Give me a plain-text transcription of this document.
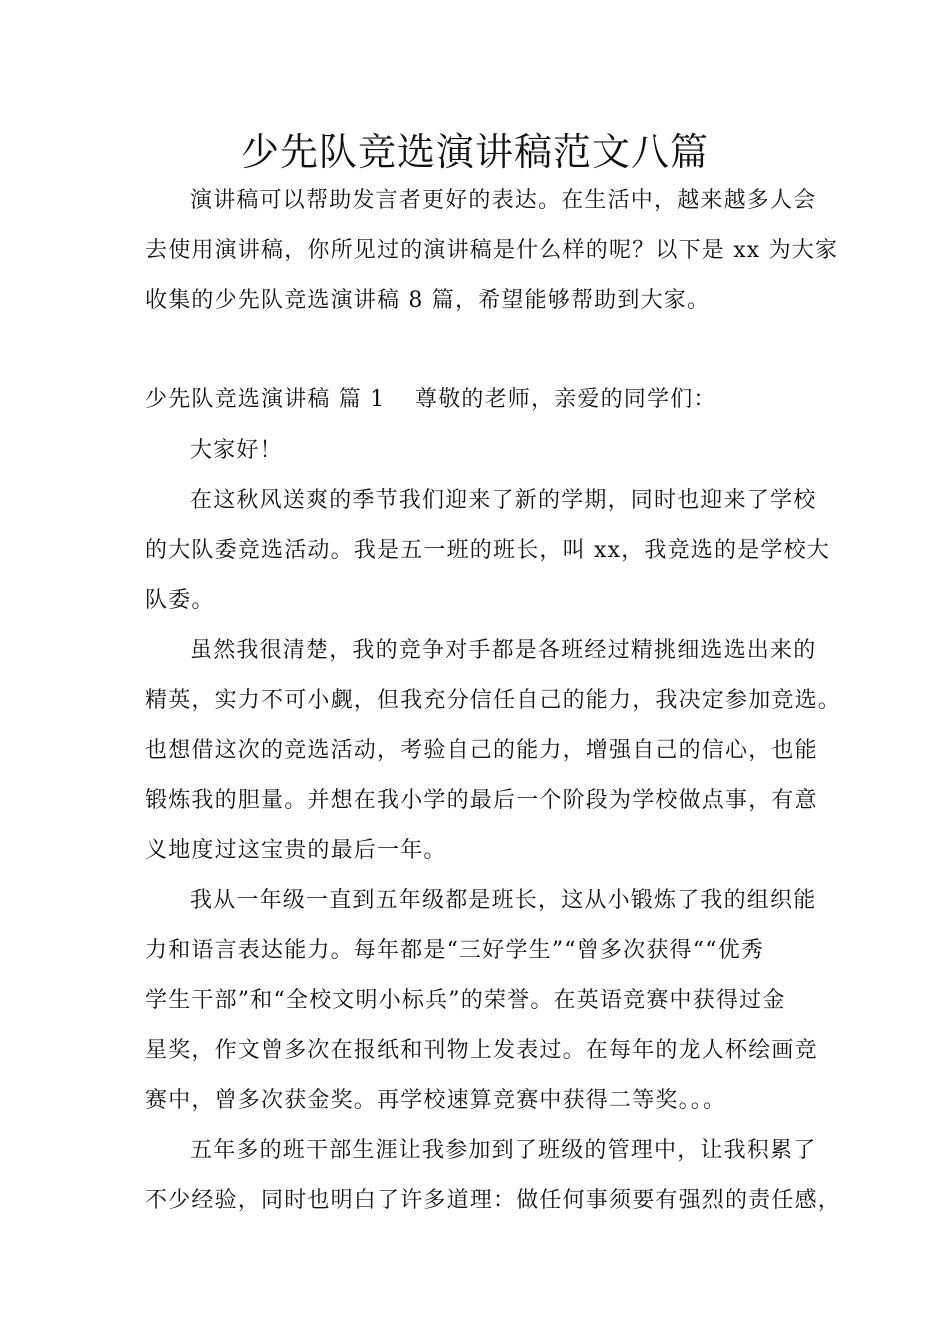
少先队竞选演讲稿范文八篇
演讲稿可以帮助发言者更好的表达。在生活中，越来越多人会
去使用演讲稿，你所见过的演讲稿是什么样的呢？以下是 xx 为大家
收集的少先队竞选演讲稿 8 篇，希望能够帮助到大家。
少先队竞选演讲稿 篇 1 尊敬的老师，亲爱的同学们：
大家好！
在这秋风送爽的季节我们迎来了新的学期，同时也迎来了学校
的大队委竞选活动。我是五一班的班长，叫 xx，我竞选的是学校大
队委。
虽然我很清楚，我的竞争对手都是各班经过精挑细选选出来的
精英，实力不可小觑，但我充分信任自己的能力，我决定参加竞选。
也想借这次的竞选活动，考验自己的能力，增强自己的信心，也能
锻炼我的胆量。并想在我小学的最后一个阶段为学校做点事，有意
义地度过这宝贵的最后一年。
我从一年级一直到五年级都是班长，这从小锻炼了我的组织能
力和语言表达能力。每年都是“三好学生”“曾多次获得““优秀
学生干部”和“全校文明小标兵”的荣誉。在英语竞赛中获得过金
星奖，作文曾多次在报纸和刊物上发表过。在每年的龙人杯绘画竞
赛中，曾多次获金奖。再学校速算竞赛中获得二等奖。。。
五年多的班干部生涯让我参加到了班级的管理中，让我积累了
不少经验，同时也明白了许多道理：做任何事须要有强烈的责任感，
